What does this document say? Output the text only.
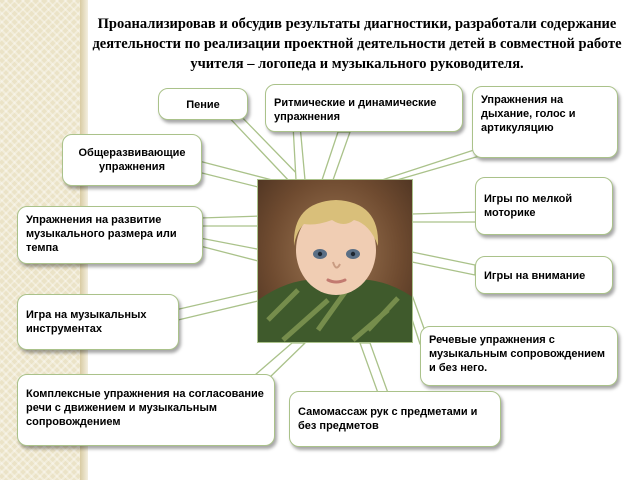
Проанализировав и обсудив результаты диагностики, разработали содержание деятельности по реализации проектной деятельности детей в совместной работе учителя – логопеда и музыкального руководителя.
Пение	Ритмические и динамические упражнения
Упражнения на дыхание, голос и артикуляцию
Общеразвивающие упражнения
Игры по мелкой моторике
Упражнения на развитие музыкального размера или темпа
Игры на внимание
Игра на музыкальных инструментах
Речевые упражнения с музыкальным сопровождением и без него.
Комплексные упражнения на согласование речи с движением и музыкальным сопровождением
Самомассаж рук с предметами и без предметов
